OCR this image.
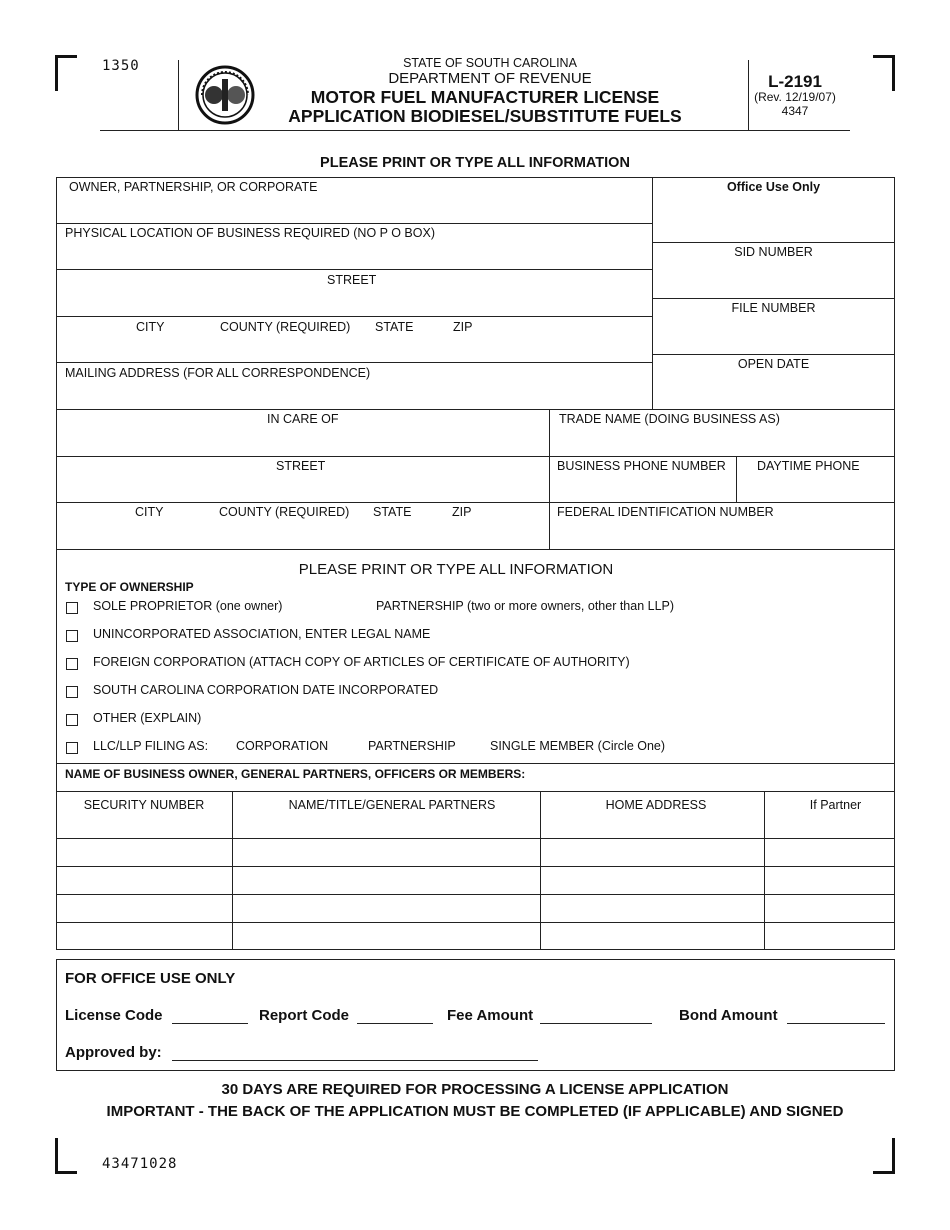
1350	STATE OF SOUTH CAROLINA
DEPARTMENT OF REVENUE
MOTOR FUEL MANUFACTURER LICENSE
APPLICATION BIODIESEL/SUBSTITUTE FUELS
L-2191
(Rev. 12/19/07)
4347
PLEASE PRINT OR TYPE ALL INFORMATION
OWNER, PARTNERSHIP, OR CORPORATE
PHYSICAL LOCATION OF BUSINESS REQUIRED (NO P O BOX)
STREET
CITY	COUNTY (REQUIRED) STATE	ZIP
MAILING ADDRESS (FOR ALL CORRESPONDENCE)
Office Use Only
SID NUMBER
FILE NUMBER
OPEN DATE
IN CARE OF	TRADE NAME (DOING BUSINESS AS)
STREET	BUSINESS PHONE NUMBER DAYTIME PHONE
CITY	COUNTY (REQUIRED) STATE	ZIP	FEDERAL IDENTIFICATION NUMBER
PLEASE PRINT OR TYPE ALL INFORMATION
TYPE OF OWNERSHIP
SOLE PROPRIETOR (one owner)	PARTNERSHIP (two or more owners, other than LLP)
UNINCORPORATED ASSOCIATION, ENTER LEGAL NAME
FOREIGN CORPORATION (ATTACH COPY OF ARTICLES OF CERTIFICATE OF AUTHORITY)
SOUTH CAROLINA CORPORATION DATE INCORPORATED
OTHER (EXPLAIN)
LLC/LLP FILING AS: CORPORATION	PARTNERSHIP	SINGLE MEMBER (Circle One)
NAME OF BUSINESS OWNER, GENERAL PARTNERS, OFFICERS OR MEMBERS:
SECURITY NUMBER	NAME/TITLE/GENERAL PARTNERS	HOME ADDRESS	If Partner
FOR OFFICE USE ONLY
License Code	Report Code	Fee Amount	Bond Amount
Approved by:
30 DAYS ARE REQUIRED FOR PROCESSING A LICENSE APPLICATION
IMPORTANT - THE BACK OF THE APPLICATION MUST BE COMPLETED (IF APPLICABLE) AND SIGNED
43471028
